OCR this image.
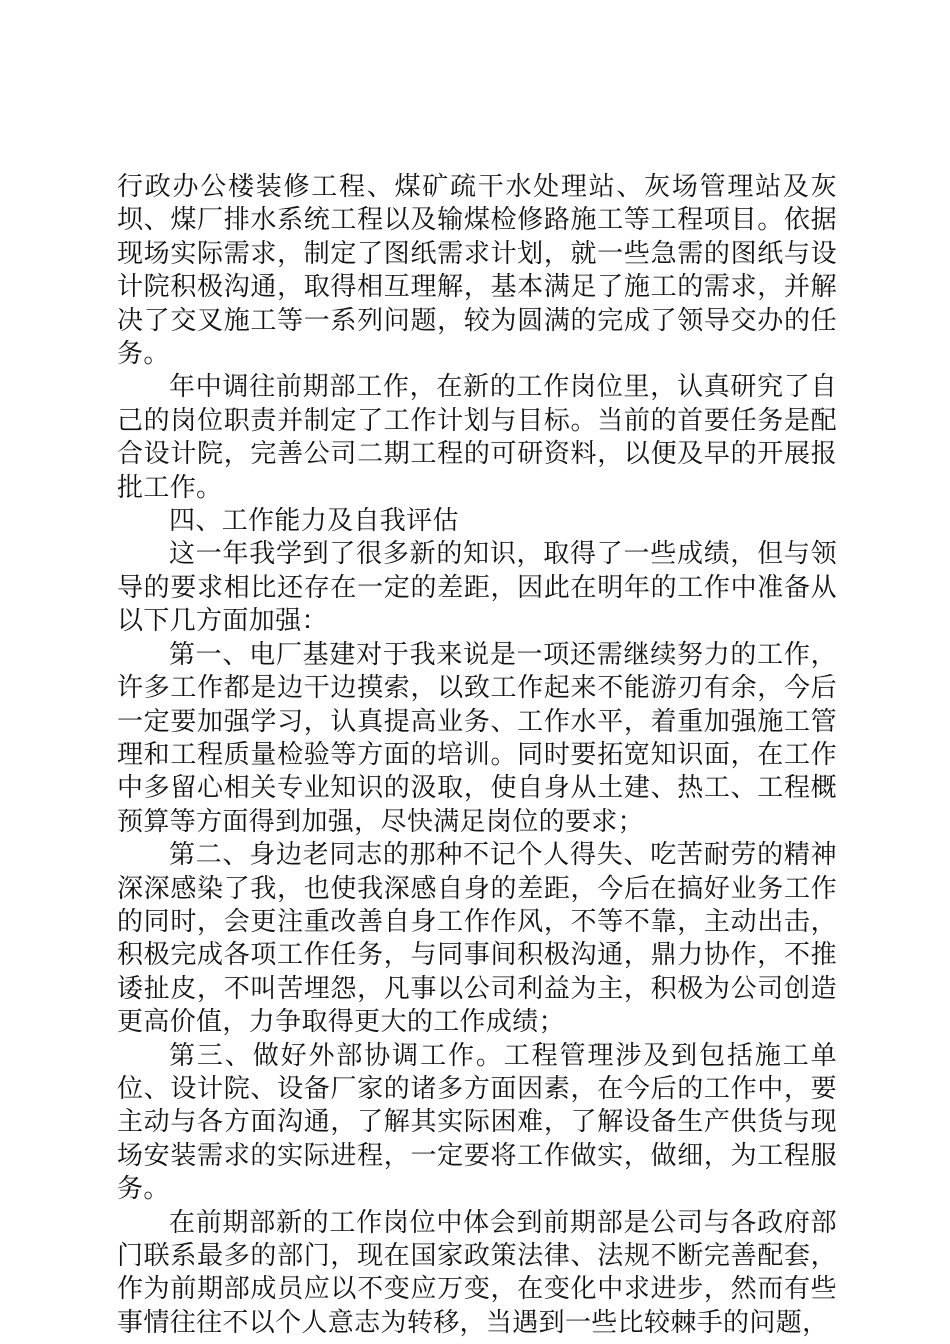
行政办公楼装修工程、煤矿疏干水处理站、灰场管理站及灰坝、煤厂排水系统工程以及输煤检修路施工等工程项目。依据现场实际需求，制定了图纸需求计划，就一些急需的图纸与设计院积极沟通，取得相互理解，基本满足了施工的需求，并解决了交叉施工等一系列问题，较为圆满的完成了领导交办的任务。

年中调往前期部工作，在新的工作岗位里，认真研究了自己的岗位职责并制定了工作计划与目标。当前的首要任务是配合设计院，完善公司二期工程的可研资料，以便及早的开展报批工作。

四、工作能力及自我评估

这一年我学到了很多新的知识，取得了一些成绩，但与领导的要求相比还存在一定的差距，因此在明年的工作中准备从以下几方面加强：

第一、电厂基建对于我来说是一项还需继续努力的工作，许多工作都是边干边摸索，以致工作起来不能游刃有余，今后一定要加强学习，认真提高业务、工作水平，着重加强施工管理和工程质量检验等方面的培训。同时要拓宽知识面，在工作中多留心相关专业知识的汲取，使自身从土建、热工、工程概预算等方面得到加强，尽快满足岗位的要求；

第二、身边老同志的那种不记个人得失、吃苦耐劳的精神深深感染了我，也使我深感自身的差距，今后在搞好业务工作的同时，会更注重改善自身工作作风，不等不靠，主动出击，积极完成各项工作任务，与同事间积极沟通，鼎力协作，不推诿扯皮，不叫苦埋怨，凡事以公司利益为主，积极为公司创造更高价值，力争取得更大的工作成绩；

第三、做好外部协调工作。工程管理涉及到包括施工单位、设计院、设备厂家的诸多方面因素，在今后的工作中，要主动与各方面沟通，了解其实际困难，了解设备生产供货与现场安装需求的实际进程，一定要将工作做实，做细，为工程服务。

在前期部新的工作岗位中体会到前期部是公司与各政府部门联系最多的部门，现在国家政策法律、法规不断完善配套，作为前期部成员应以不变应万变，在变化中求进步，然而有些事情往往不以个人意志为转移，当遇到一些比较棘手的问题，
